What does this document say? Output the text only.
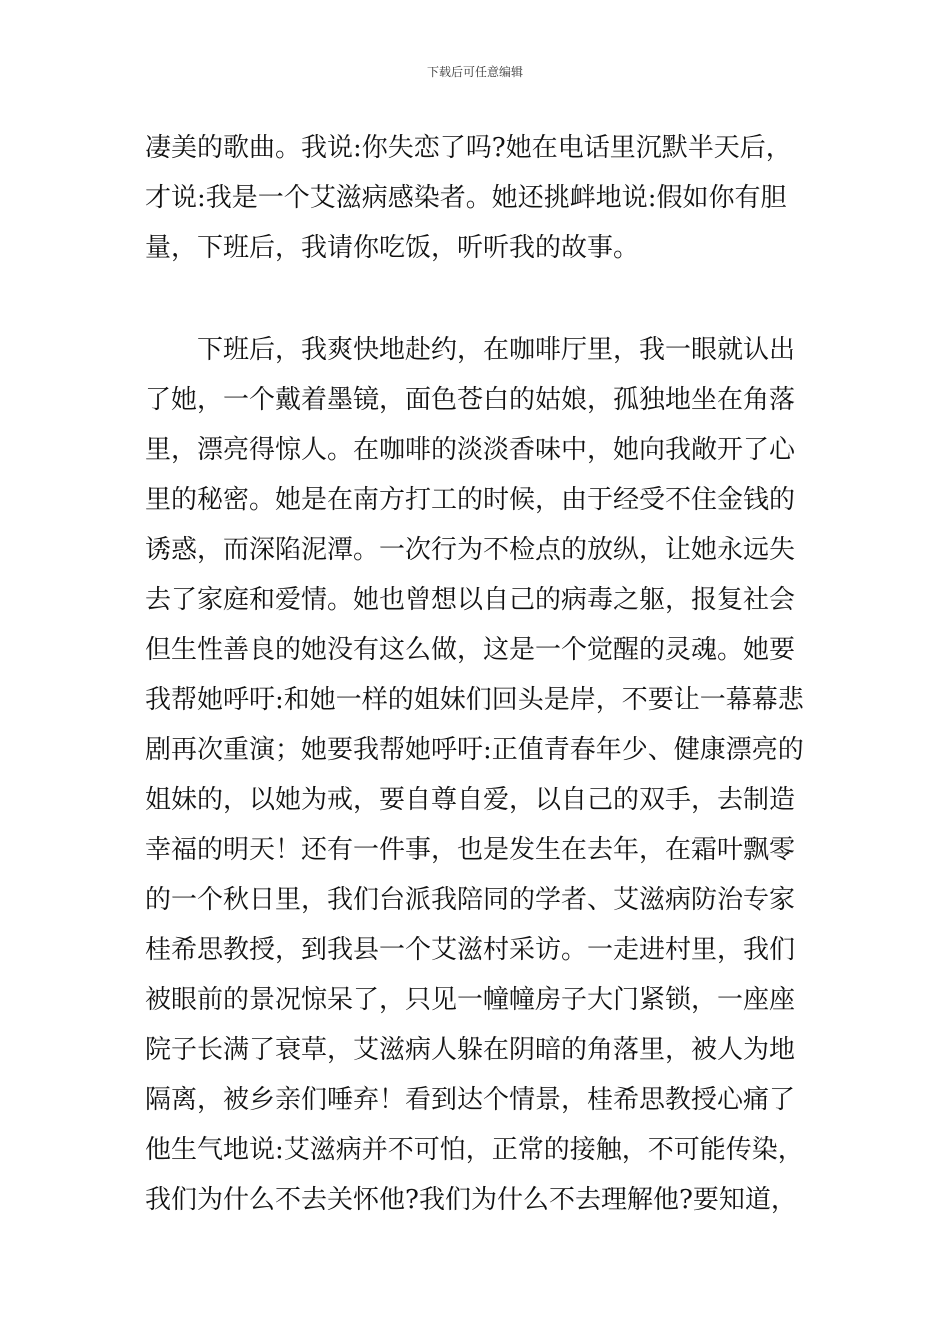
下载后可任意编辑
凄美的歌曲。我说:你失恋了吗?她在电话里沉默半天后，
才说:我是一个艾滋病感染者。她还挑衅地说:假如你有胆
量，下班后，我请你吃饭，听听我的故事。
　　下班后，我爽快地赴约，在咖啡厅里，我一眼就认出
了她，一个戴着墨镜，面色苍白的姑娘，孤独地坐在角落
里，漂亮得惊人。在咖啡的淡淡香味中，她向我敞开了心
里的秘密。她是在南方打工的时候，由于经受不住金钱的
诱惑，而深陷泥潭。一次行为不检点的放纵，让她永远失
去了家庭和爱情。她也曾想以自己的病毒之躯，报复社会
但生性善良的她没有这么做，这是一个觉醒的灵魂。她要
我帮她呼吁:和她一样的姐妹们回头是岸，不要让一幕幕悲
剧再次重演；她要我帮她呼吁:正值青春年少、健康漂亮的
姐妹的，以她为戒，要自尊自爱，以自己的双手，去制造
幸福的明天！还有一件事，也是发生在去年，在霜叶飘零
的一个秋日里，我们台派我陪同的学者、艾滋病防治专家
桂希思教授，到我县一个艾滋村采访。一走进村里，我们
被眼前的景况惊呆了，只见一幢幢房子大门紧锁，一座座
院子长满了衰草，艾滋病人躲在阴暗的角落里，被人为地
隔离，被乡亲们唾弃！看到达个情景，桂希思教授心痛了
他生气地说:艾滋病并不可怕，正常的接触，不可能传染，
我们为什么不去关怀他?我们为什么不去理解他?要知道，
